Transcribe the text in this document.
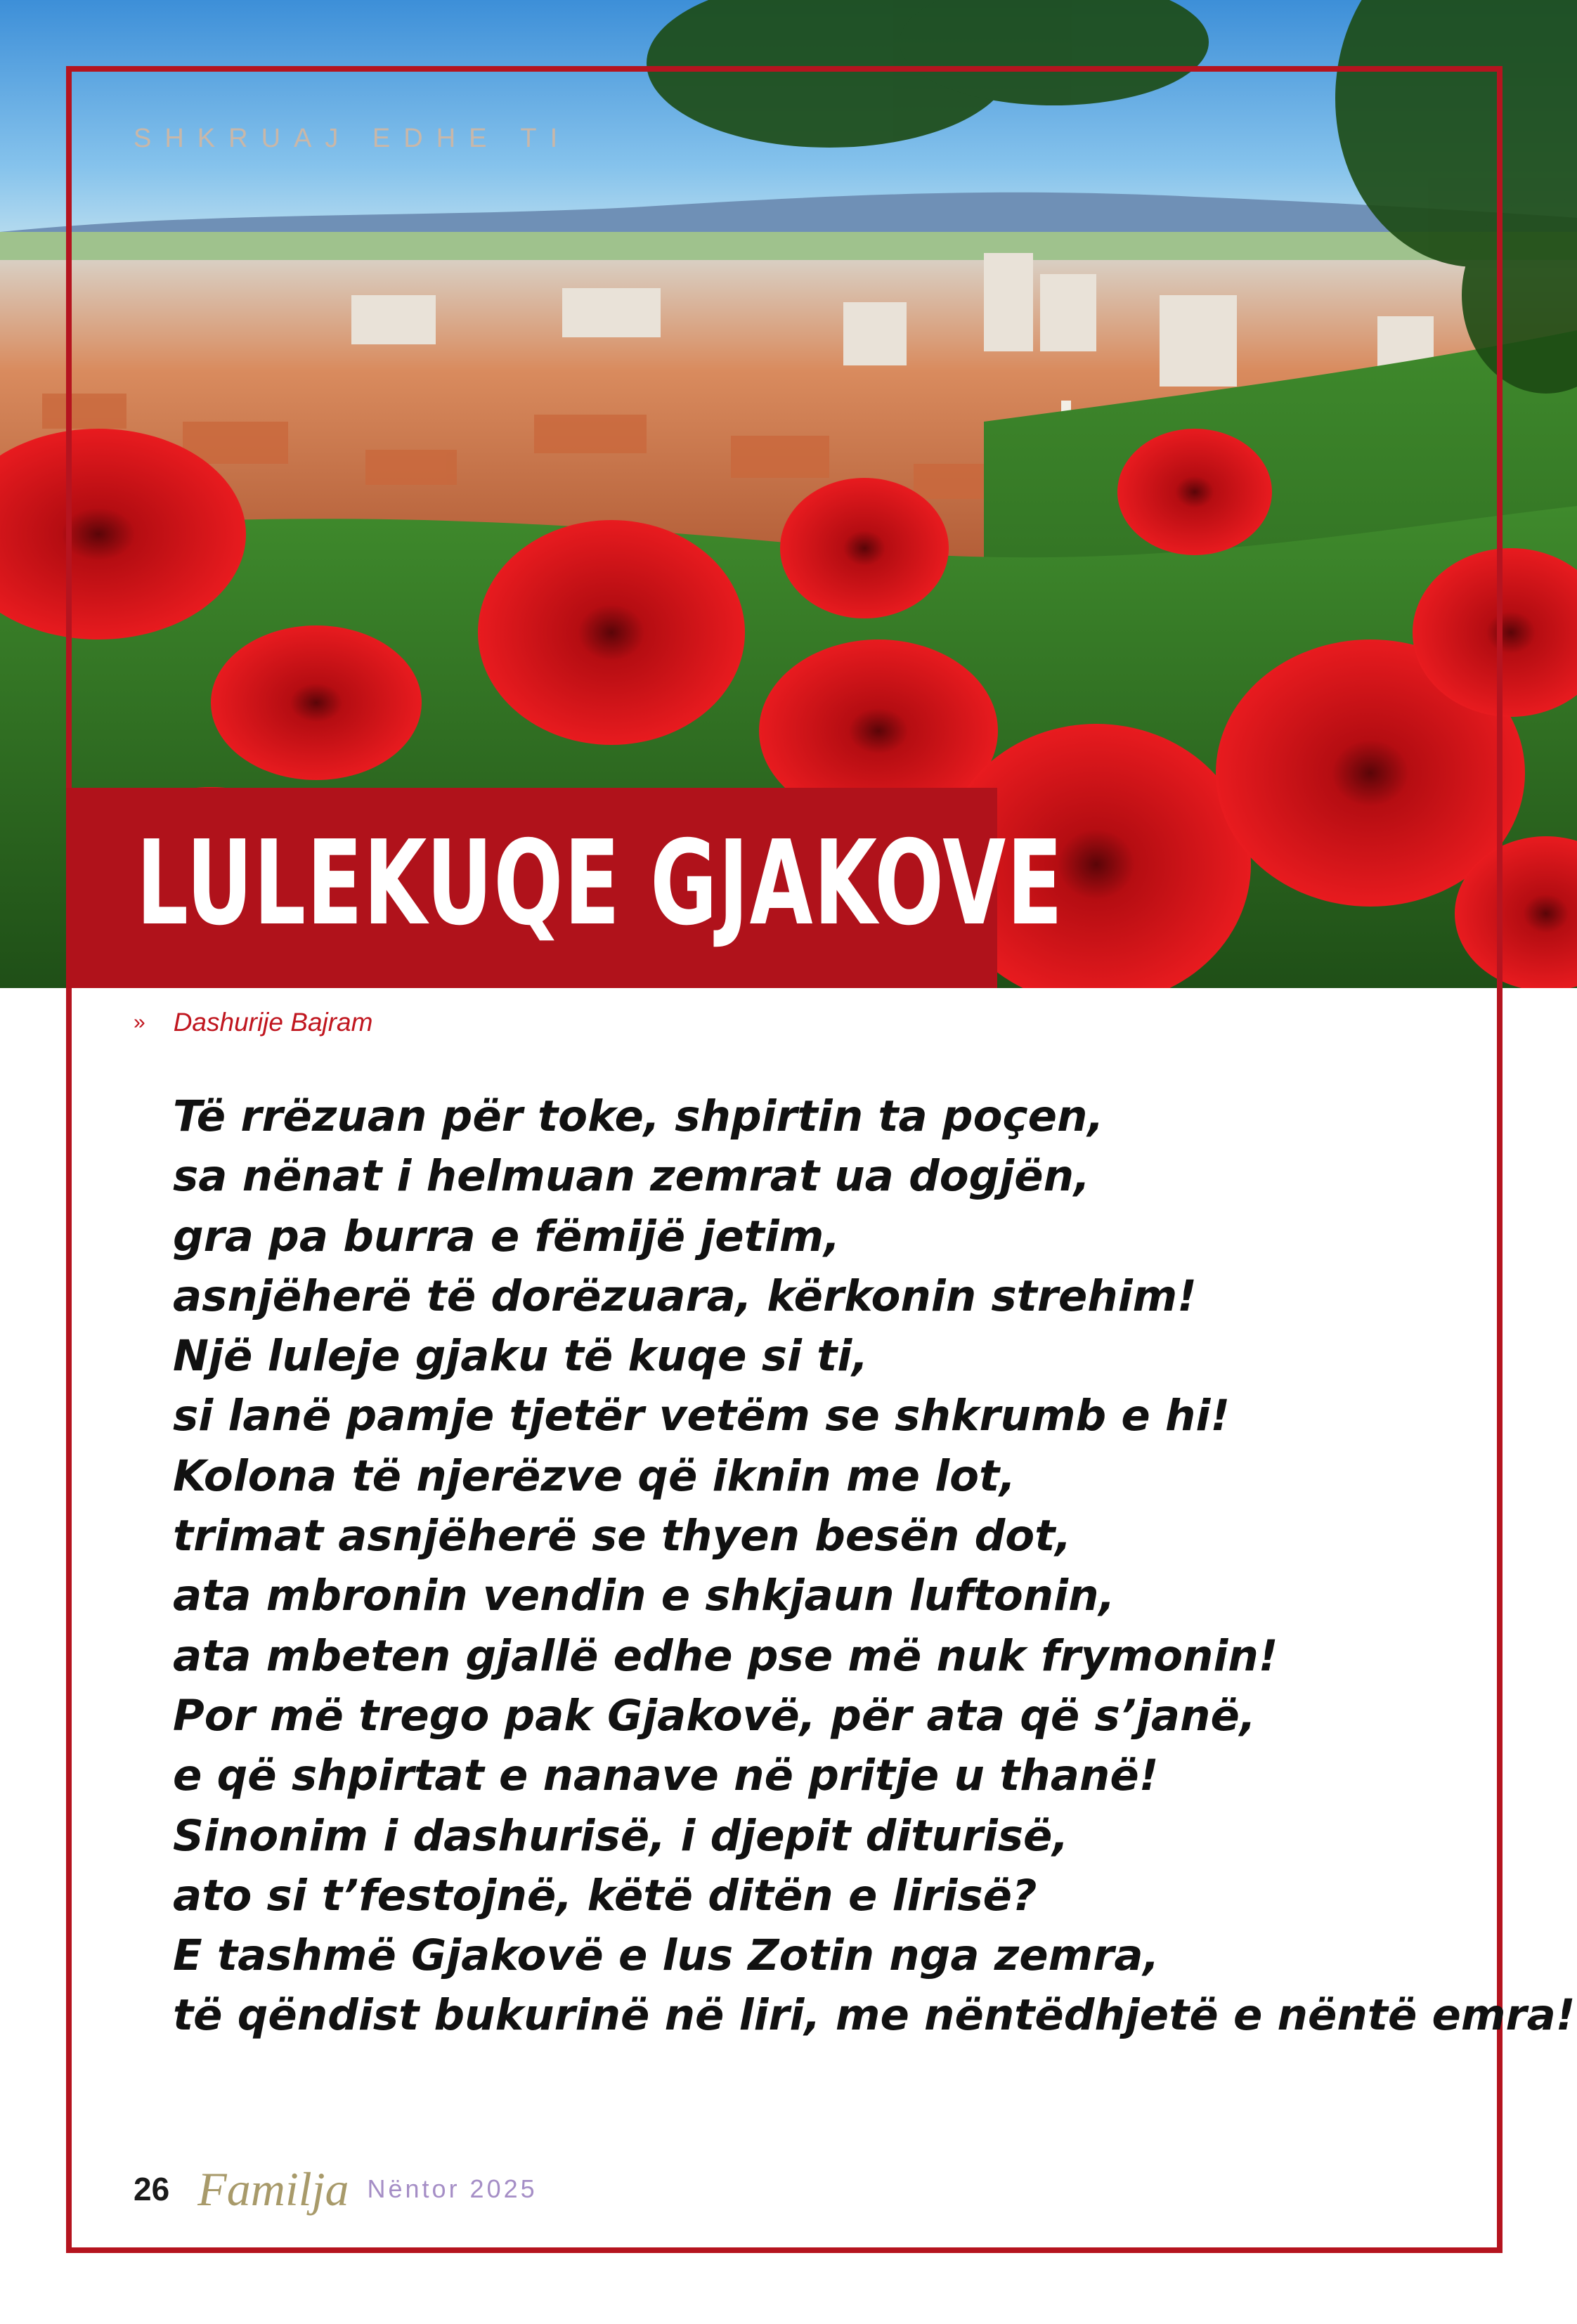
SHKRUAJ EDHE TI
LULEKUQE GJAKOVE
» Dashurije Bajram
Të rrëzuan për toke, shpirtin ta poçen,
sa nënat i helmuan zemrat ua dogjën,
gra pa burra e fëmijë jetim,
asnjëherë të dorëzuara, kërkonin strehim!
Një luleje gjaku të kuqe si ti,
si lanë pamje tjetër vetëm se shkrumb e hi!
Kolona të njerëzve që iknin me lot,
trimat asnjëherë se thyen besën dot,
ata mbronin vendin e shkjaun luftonin,
ata mbeten gjallë edhe pse më nuk frymonin!
Por më trego pak Gjakovë, për ata që s’janë,
e që shpirtat e nanave në pritje u thanë!
Sinonim i dashurisë, i djepit diturisë,
ato si t’festojnë, këtë ditën e lirisë?
E tashmë Gjakovë e lus Zotin nga zemra,
të qëndist bukurinë në liri, me nëntëdhjetë e nëntë emra!
26 Familja Nëntor 2025
